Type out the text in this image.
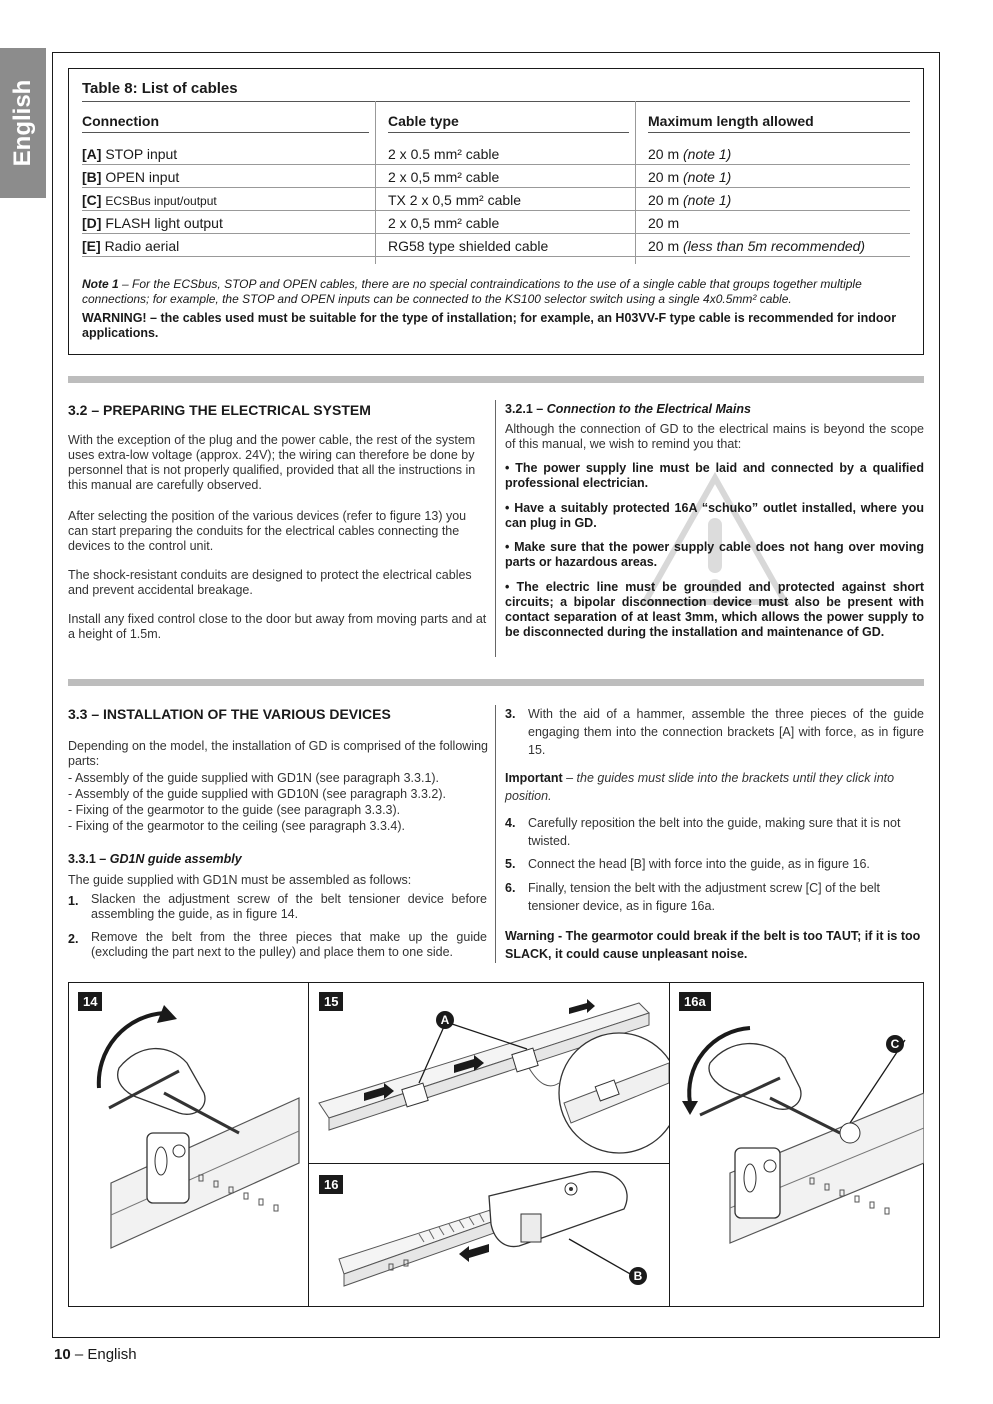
English	Table 8: List of cables
Connection	Cable type	Maximum length allowed
[A] STOP input	2 x 0.5 mm² cable	20 m (note 1)
[B] OPEN input	2 x 0,5 mm² cable	20 m (note 1)
[C] ECSBus input/output	TX 2 x 0,5 mm² cable	20 m (note 1)
[D] FLASH light output	2 x 0,5 mm² cable	20 m
[E] Radio aerial	RG58 type shielded cable	20 m (less than 5m recommended)
Note 1 – For the ECSbus, STOP and OPEN cables, there are no special contraindications to the use of a single cable that groups together multiple connections; for example, the STOP and OPEN inputs can be connected to the KS100 selector switch using a single 4x0.5mm² cable.
WARNING! – the cables used must be suitable for the type of installation; for example, an H03VV-F type cable is recommended for indoor applications.
3.2 – PREPARING THE ELECTRICAL SYSTEM
With the exception of the plug and the power cable, the rest of the system uses extra-low voltage (approx. 24V); the wiring can therefore be done by personnel that is not properly qualified, provided that all the instructions in this manual are carefully observed.
After selecting the position of the various devices (refer to figure 13) you can start preparing the conduits for the electrical cables connecting the devices to the control unit.
The shock-resistant conduits are designed to protect the electrical cables and prevent accidental breakage.
Install any fixed control close to the door but away from moving parts and at a height of 1.5m.
3.2.1 – Connection to the Electrical Mains
Although the connection of GD to the electrical mains is beyond the scope of this manual, we wish to remind you that:
• The power supply line must be laid and connected by a qualified professional electrician.
• Have a suitably protected 16A “schuko” outlet installed, where you can plug in GD.
• Make sure that the power supply cable does not hang over moving parts or hazardous areas.
• The electric line must be grounded and protected against short circuits; a bipolar disconnection device must also be present with contact separation of at least 3mm, which allows the power supply to be disconnected during the installation and maintenance of GD.
3.3 – INSTALLATION OF THE VARIOUS DEVICES
Depending on the model, the installation of GD is comprised of the following parts:
- Assembly of the guide supplied with GD1N (see paragraph 3.3.1).
- Assembly of the guide supplied with GD10N (see paragraph 3.3.2).
- Fixing of the gearmotor to the guide (see paragraph 3.3.3).
- Fixing of the gearmotor to the ceiling (see paragraph 3.3.4).
3.3.1 – GD1N guide assembly
The guide supplied with GD1N must be assembled as follows:
1. Slacken the adjustment screw of the belt tensioner device before assembling the guide, as in figure 14.
2. Remove the belt from the three pieces that make up the guide (excluding the part next to the pulley) and place them to one side.
3. With the aid of a hammer, assemble the three pieces of the guide engaging them into the connection brackets [A] with force, as in figure 15.
Important – the guides must slide into the brackets until they click into position.
4. Carefully reposition the belt into the guide, making sure that it is not twisted.
5. Connect the head [B] with force into the guide, as in figure 16.
6. Finally, tension the belt with the adjustment screw [C] of the belt tensioner device, as in figure 16a.
Warning - The gearmotor could break if the belt is too TAUT; if it is too SLACK, it could cause unpleasant noise.
14	15
A
16
B
16a
C
10 – English
